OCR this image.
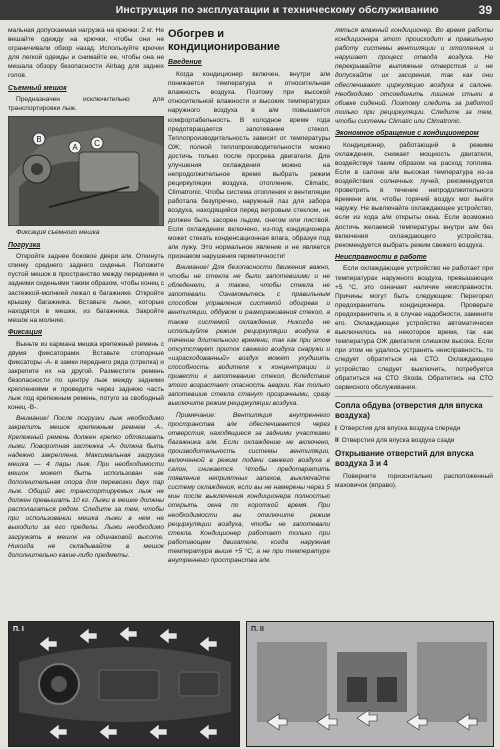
Инструкция по эксплуатации и техническому обслуживанию	39

мальная допускаемая нагрузка на крючки: 2 кг. Не вешайте одежду на крючки, чтобы они не ограничивали обзор назад. Используйте крючки для легкой одежды и снимайте ее, чтобы она не мешала обзору безопасности Airbag для задних голов.

Съемный мешок

Предназначен исключительно для транспортировки лыж.

A
B	C

Фиксация съемного мешка

Погрузка

Откройте заднее боковое двери а/м. Откинуть спинку среднего заднего сиденья. Положите пустой мешок в пространство между передними и задними сиденьями таким образом, чтобы конец с застежкой-молнией лежал в багажнике. Откройте крышку багажника. Вставьте лыжи, которые находятся в мешке, из багажника. Закройте мешок на молнию.

Фиксация

Выньте из кармана мешка крепежный ремень с двумя фиксаторами. Вставьте стопорные фиксаторы -A- в замки переднего ряда (стрелка) и закрепите их на другой. Разместите ремень безопасности по центру лыж между задними креплениями и проведите через заднюю часть лыж под крепежным ремень, потуго за свободный конец -B-.

Внимание! После погрузки лыж необходимо закрепить мешок крепежным ремнем -A-. Крепежный ремень должен крепко обтягивать лыжи. Поворотная застежка -A- должна быть надежно закреплена. Максимальная загрузка мешка — 4 пары лыж. При необходимости мешок может быть использован как дополнительная опора для перевозки двух пар лыж. Общий вес транспортируемых лыж не должен превышать 10 кг. Лыжи в мешке должны располагаться рядом. Следите за тем, чтобы при использовании мешка лыжи в нем не выходили за его пределы. Лыжи необходимо загружать в мешок на одинаковой высоте. Никогда не складывайте в мешок дополнительно какие-либо предметы.

Обогрев и кондиционирование

Введение

Когда кондиционер включен, внутри а/м понижается температура и относительная влажность воздуха. Поэтому при высокой относительной влажности и высоких температурах наружного воздуха в а/м повышается комфортабельность. В холодное время года предотвращается запотевание стекол. Теплопроизводительность зависит от температуры ОЖ; полной теплопроизводительности можно достичь только после прогрева двигателя. Для улучшения охлаждения можно на непродолжительное время выбрать режим рециркуляции воздуха, отопление, Climatic, Climatronic. Чтобы система отопления и вентиляции работала безупречно, наружный лаз для забора воздуха, находящийся перед ветровым стеклом, не должен быть засорен льдом, снегом или листвой. Если охлаждение включено, из-под кондиционера может стекать конденсационная влага, образуя под а/м лужу. Это нормальное явление и не является признаком нарушения герметичности!

Внимание! Для безопасности движения важно, чтобы не стекла не были запотевшими и не обледенели, а также, чтобы стекла не запотевали. Ознакомьтесь с правильным способом управления системой обогрева и вентиляции, обдувом и размораживания стекол, а также системой охлаждения. Никогда не используйте режим рециркуляции воздуха в течение длительного времени, так как при этом отсутствует приток свежего воздуха снаружи и «израсходованный» воздух может ухудшить способность водителя к концентрации и привести к запотеванию стекол. Вследствие этого возрастает опасность аварии. Как только запотевшие стекла станут прозрачными, сразу выключите режим рециркуляции воздуха.

Примечание: Вентиляция внутреннего пространства а/м обеспечивается через отверстия, находящиеся за задними участками багажника а/м. Если охлаждение не включено, производительность системы вентиляции, включенной в режим подачи свежего воздуха в салон, снижается. Чтобы предотвратить появление неприятных запахов, выключайте систему охлаждения, если вы не намерены через 5 мин после выключения кондиционера полностью открыть окна по короткой время. При необходимости вы отключите режим рециркуляции воздуха, чтобы не запотевали стекла. Кондиционер работает только при работающем двигателе, когда наружная температура выше +5 °C, а не при температуре внутреннего пространства а/м.

ляться влажный кондиционер. Во время работы кондиционера этот происходит в правильную работу системы вентиляции и отопления и нарушает процесс отвода воздуха. Не перекрывайте вытяжные отверстия и не допускайте их засорения, так как они обеспечивают циркуляцию воздуха в салоне. Необходимо отсоединить лишние стыки в обивке сидений. Поэтому следить за работой только при рециркуляции. Следите за тем, чтобы системы Climatic или Climatronic.

Экономное обращение с кондиционером

Кондиционер, работающий в режиме охлаждения, снижает мощность двигателя, воздействуя таким образом на расход топлива. Если в салоне а/м высокая температура из-за воздействия солнечных лучей, рекомендуется проветрить в течение непродолжительного времени а/м, чтобы горячий воздух мог выйти наружу. Не выключайте охлаждающее устройство, если из хода а/м открыты окна. Если возможно достичь желаемой температуры внутри а/м без включения охлаждающего устройства, рекомендуется выбрать режим свежего воздуха.

Неисправности в работе

Если охлаждающее устройство не работает при температурах наружного воздуха, превышающих +5 °C, это означает наличие неисправности. Причины могут быть следующие: Перегорел предохранитель кондиционера. Проверьте предохранитель и, в случае надобности, замените его. Охлаждающее устройство автоматически выключилось на некоторое время, так как температура ОЖ двигателя слишком высока. Если при этом не удалось устранить неисправность, то следует обратиться на СТО. Охлаждающее устройство следует выключить, потребуется обратиться на СТО Skoda. Обратитесь на СТО сервисного обслуживания.

Сопла обдува (отверстия для впуска воздуха)
I Отверстия для впуска воздуха спереди
II Отверстия для впуска воздуха сзади
Открывание отверстий для впуска воздуха 3 и 4

Поверните горизонтально расположенный маховичок (вправо).

П. I	П. II
